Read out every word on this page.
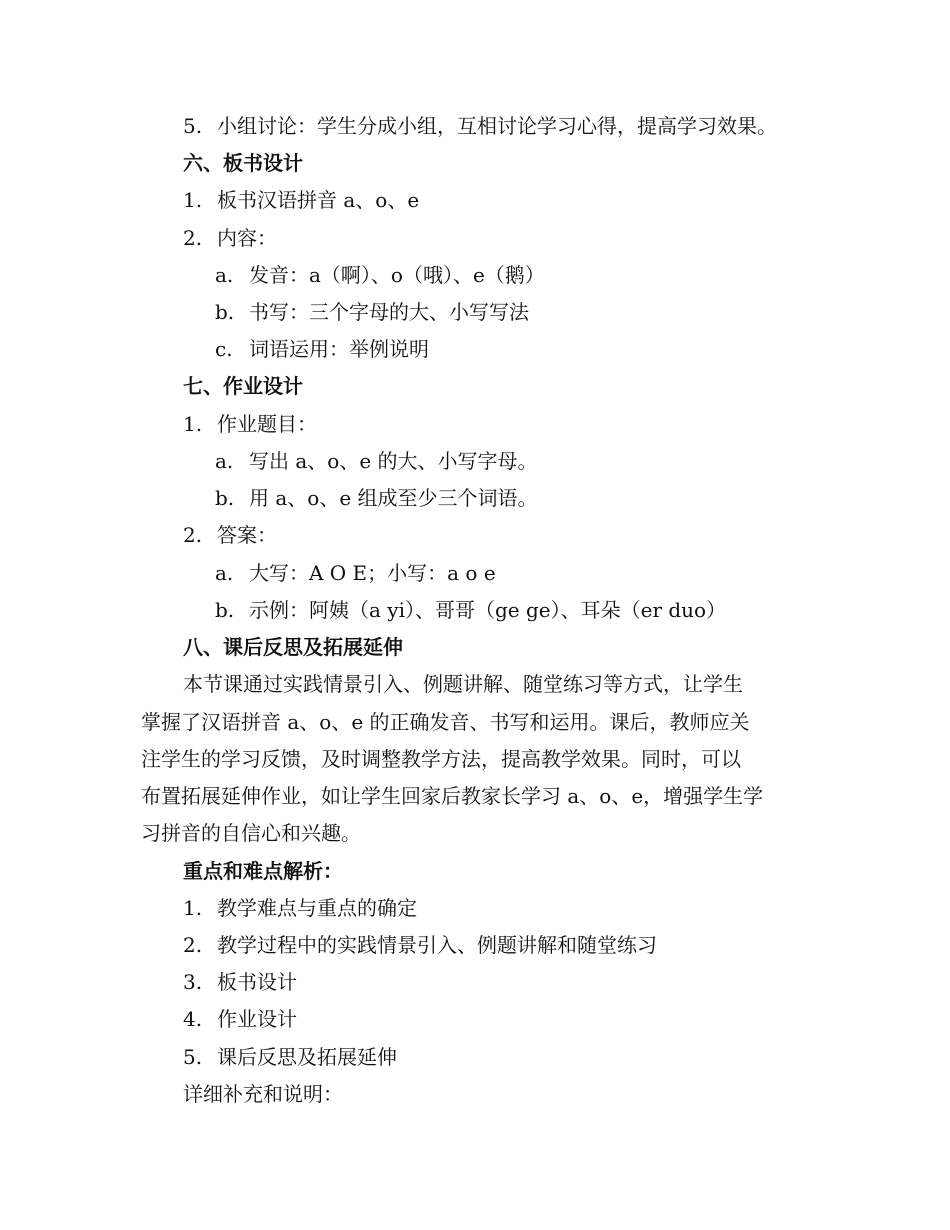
5. 小组讨论：学生分成小组，互相讨论学习心得，提高学习效果。
六、板书设计
1. 板书汉语拼音 a、o、e
2. 内容：
a. 发音：a（啊）、o（哦）、e（鹅）
b. 书写：三个字母的大、小写写法
c. 词语运用：举例说明
七、作业设计
1. 作业题目：
a. 写出 a、o、e 的大、小写字母。
b. 用 a、o、e 组成至少三个词语。
2. 答案：
a. 大写：A O E；小写：a o e
b. 示例：阿姨（a yi）、哥哥（ge ge）、耳朵（er duo）
八、课后反思及拓展延伸
本节课通过实践情景引入、例题讲解、随堂练习等方式，让学生
掌握了汉语拼音 a、o、e 的正确发音、书写和运用。课后，教师应关
注学生的学习反馈，及时调整教学方法，提高教学效果。同时，可以
布置拓展延伸作业，如让学生回家后教家长学习 a、o、e，增强学生学
习拼音的自信心和兴趣。
重点和难点解析：
1. 教学难点与重点的确定
2. 教学过程中的实践情景引入、例题讲解和随堂练习
3. 板书设计
4. 作业设计
5. 课后反思及拓展延伸
详细补充和说明：
